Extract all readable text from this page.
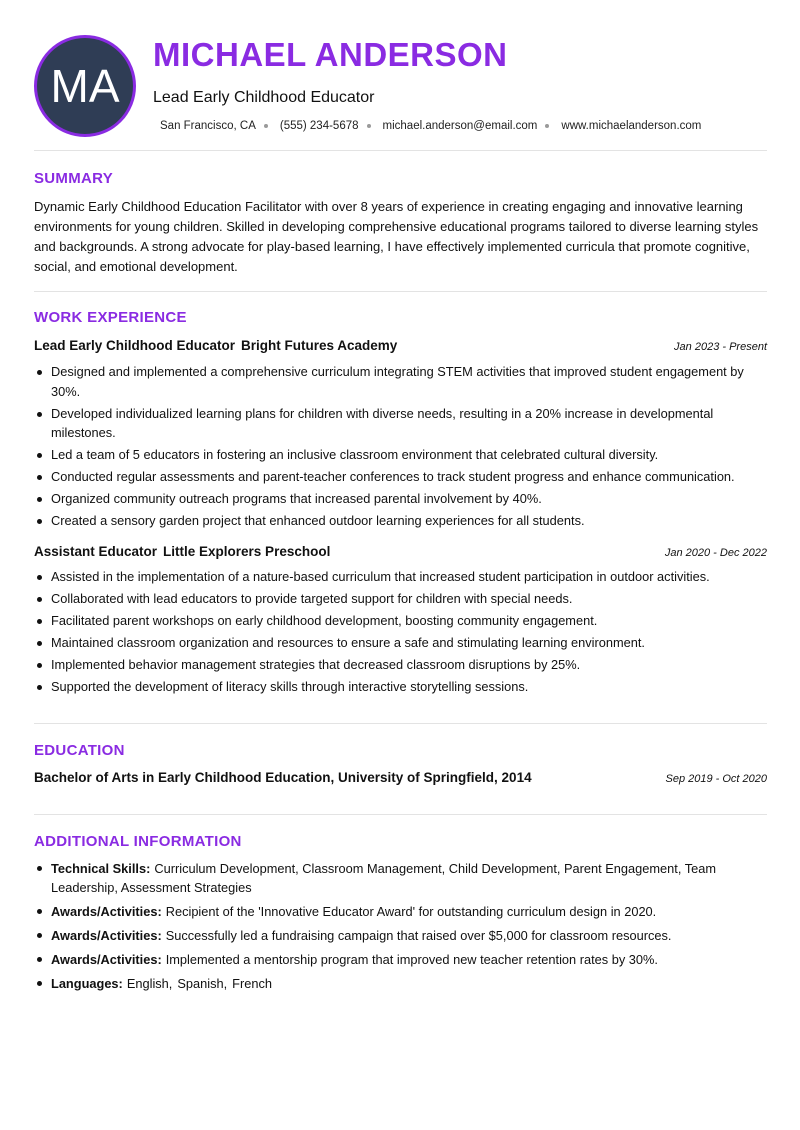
MA
MICHAEL ANDERSON
Lead Early Childhood Educator
San Francisco, CA (555) 234-5678 michael.anderson@email.com www.michaelanderson.com
SUMMARY

Dynamic Early Childhood Education Facilitator with over 8 years of experience in creating engaging and innovative learning environments for young children. Skilled in developing comprehensive educational programs tailored to diverse learning styles and backgrounds. A strong advocate for play-based learning, I have effectively implemented curricula that promote cognitive, social, and emotional development.

WORK EXPERIENCE
Lead Early Childhood Educator Bright Futures Academy	Jan 2023 - Present
Designed and implemented a comprehensive curriculum integrating STEM activities that improved student engagement by 30%.
Developed individualized learning plans for children with diverse needs, resulting in a 20% increase in developmental milestones.
Led a team of 5 educators in fostering an inclusive classroom environment that celebrated cultural diversity.
Conducted regular assessments and parent-teacher conferences to track student progress and enhance communication.
Organized community outreach programs that increased parental involvement by 40%.
Created a sensory garden project that enhanced outdoor learning experiences for all students.
Assistant Educator Little Explorers Preschool	Jan 2020 - Dec 2022
Assisted in the implementation of a nature-based curriculum that increased student participation in outdoor activities.
Collaborated with lead educators to provide targeted support for children with special needs.
Facilitated parent workshops on early childhood development, boosting community engagement.
Maintained classroom organization and resources to ensure a safe and stimulating learning environment.
Implemented behavior management strategies that decreased classroom disruptions by 25%.
Supported the development of literacy skills through interactive storytelling sessions.
EDUCATION
Bachelor of Arts in Early Childhood Education, University of Springfield, 2014	Sep 2019 - Oct 2020
ADDITIONAL INFORMATION
Technical Skills: Curriculum Development, Classroom Management, Child Development, Parent Engagement, Team Leadership, Assessment Strategies
Awards/Activities: Recipient of the 'Innovative Educator Award' for outstanding curriculum design in 2020.
Awards/Activities: Successfully led a fundraising campaign that raised over $5,000 for classroom resources.
Awards/Activities: Implemented a mentorship program that improved new teacher retention rates by 30%.
Languages: English, Spanish, French
